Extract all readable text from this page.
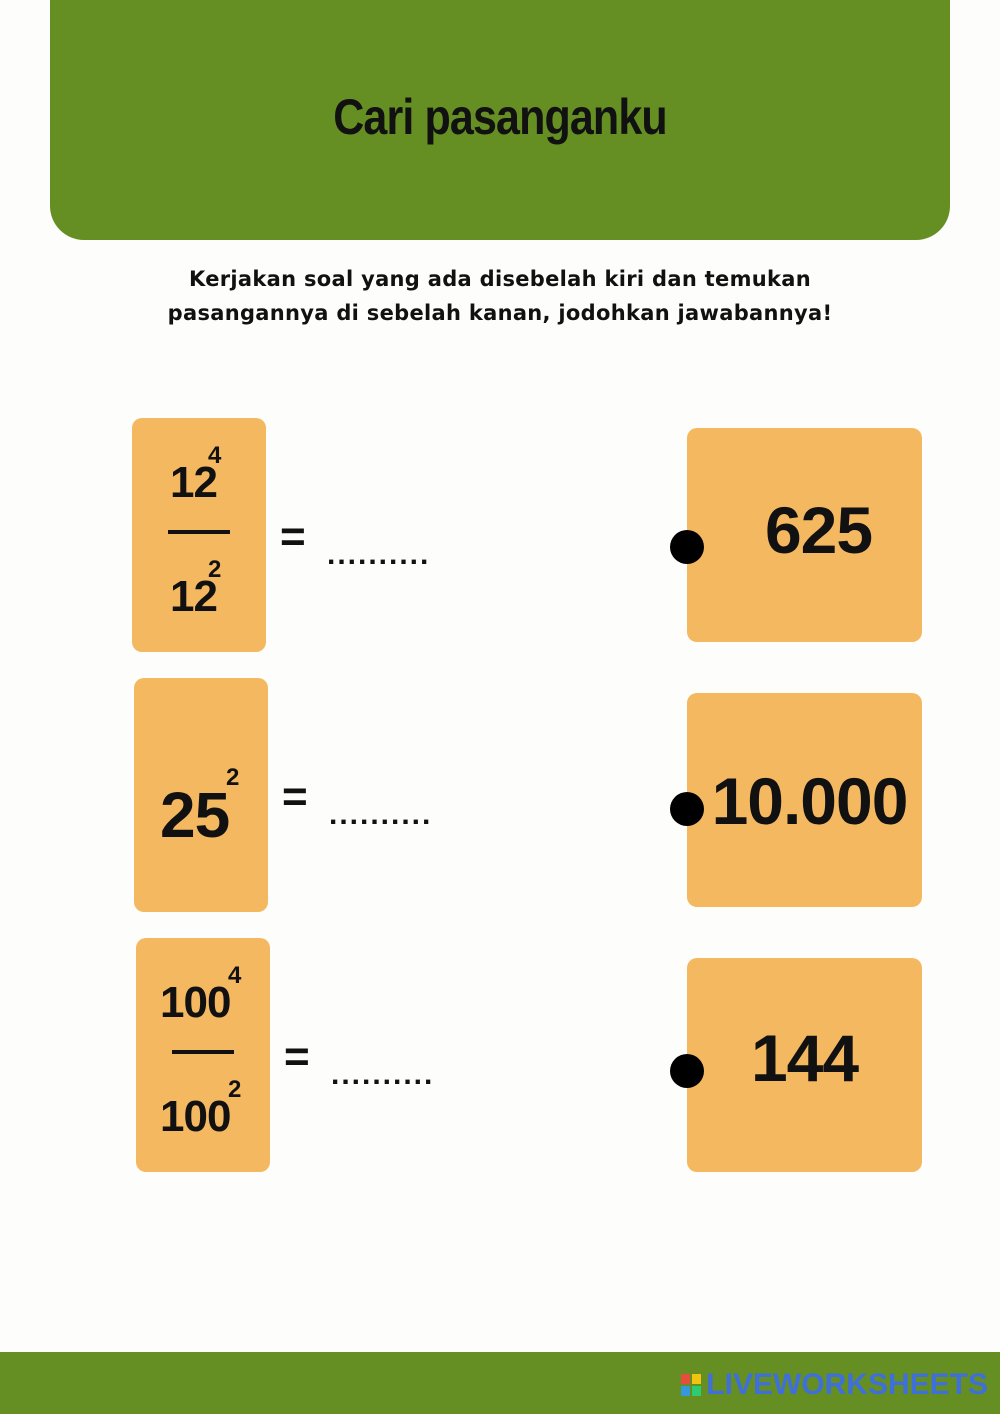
Cari pasanganku
Kerjakan soal yang ada disebelah kiri dan temukan
pasangannya di sebelah kanan, jodohkan jawabannya!
12
4
12
2
= ..........
25
2 = ..........
100
4
100
2
= ..........
625
10.000
144
LIVEWORKSHEETS
